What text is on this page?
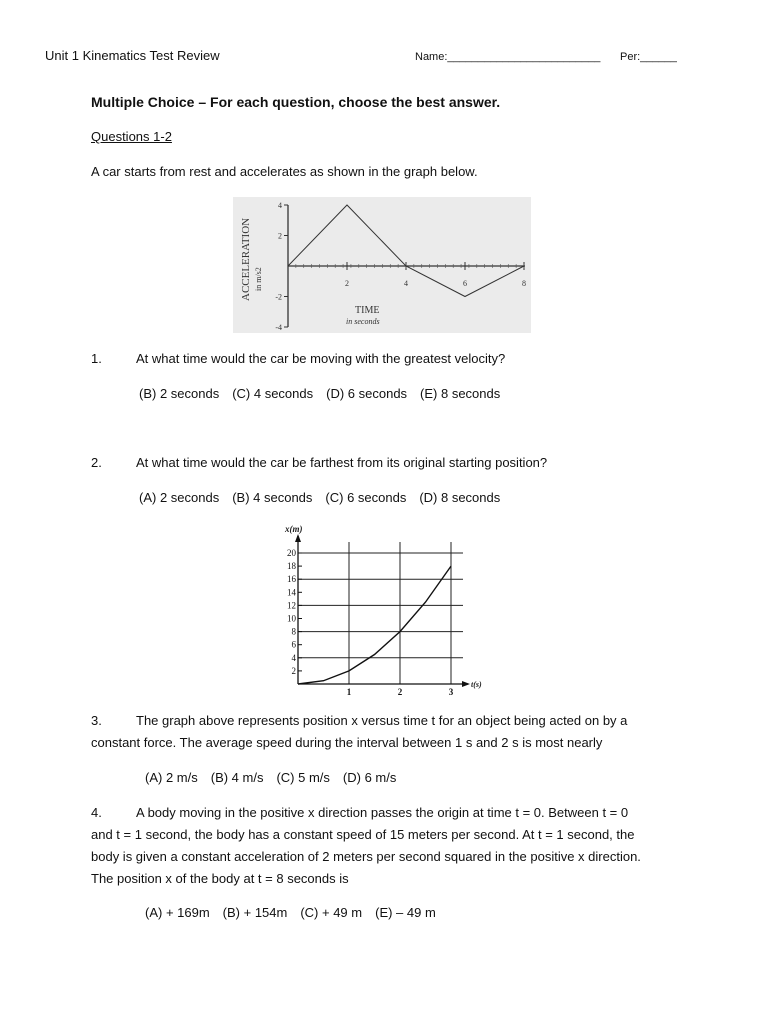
Unit 1 Kinematics Test Review	Name:_________________________ Per:______
Multiple Choice – For each question, choose the best answer.
Questions 1-2
A car starts from rest and accelerates as shown in the graph below.
ACCELERATION in m/s2
4
2
-2
-4
2	4	6	8
TIME
in seconds
1.	At what time would the car be moving with the greatest velocity?
(B) 2 seconds (C) 4 seconds (D) 6 seconds (E) 8 seconds
2.	At what time would the car be farthest from its original starting position?
(A) 2 seconds (B) 4 seconds (C) 6 seconds (D) 8 seconds
x(m)
20
18
16
14
12
10
8
6
4
2
1	2	3
t(s)
3.	The graph above represents position x versus time t for an object being acted on by a
constant force. The average speed during the interval between 1 s and 2 s is most nearly
(A) 2 m/s (B) 4 m/s (C) 5 m/s (D) 6 m/s
4.	A body moving in the positive x direction passes the origin at time t = 0. Between t = 0
and t = 1 second, the body has a constant speed of 15 meters per second. At t = 1 second, the
body is given a constant acceleration of 2 meters per second squared in the positive x direction.
The position x of the body at t = 8 seconds is
(A) + 169m (B) + 154m (C) + 49 m (E) – 49 m
